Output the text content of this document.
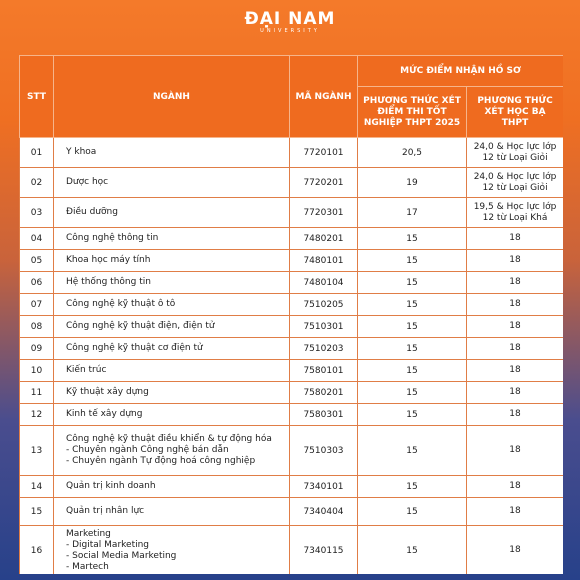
ĐẠI NAM
UNIVERSITY
STT	NGÀNH	MÃ NGÀNH	MỨC ĐIỂM NHẬN HỒ SƠ	
			PHƯƠNG THỨC XÉT ĐIỂM THI TỐT NGHIỆP THPT 2025	PHƯƠNG THỨC XÉT HỌC BẠ THPT
01	Y khoa	7720101	20,5	24,0 & Học lực lớp 12 từ Loại Giỏi
02	Dược học	7720201	19	24,0 & Học lực lớp 12 từ Loại Giỏi
03	Điều dưỡng	7720301	17	19,5 & Học lực lớp 12 từ Loại Khá
04	Công nghệ thông tin	7480201	15	18
05	Khoa học máy tính	7480101	15	18
06	Hệ thống thông tin	7480104	15	18
07	Công nghệ kỹ thuật ô tô	7510205	15	18
08	Công nghệ kỹ thuật điện, điện tử	7510301	15	18
09	Công nghệ kỹ thuật cơ điện tử	7510203	15	18
10	Kiến trúc	7580101	15	18
11	Kỹ thuật xây dựng	7580201	15	18
12	Kinh tế xây dựng	7580301	15	18
13	Công nghệ kỹ thuật điều khiển & tự động hóa
- Chuyên ngành Công nghệ bán dẫn
- Chuyên ngành Tự động hoá công nghiệp	7510303	15	18
14	Quản trị kinh doanh	7340101	15	18
15	Quản trị nhân lực	7340404	15	18
16	Marketing
- Digital Marketing
- Social Media Marketing
- Martech	7340115	15	18
